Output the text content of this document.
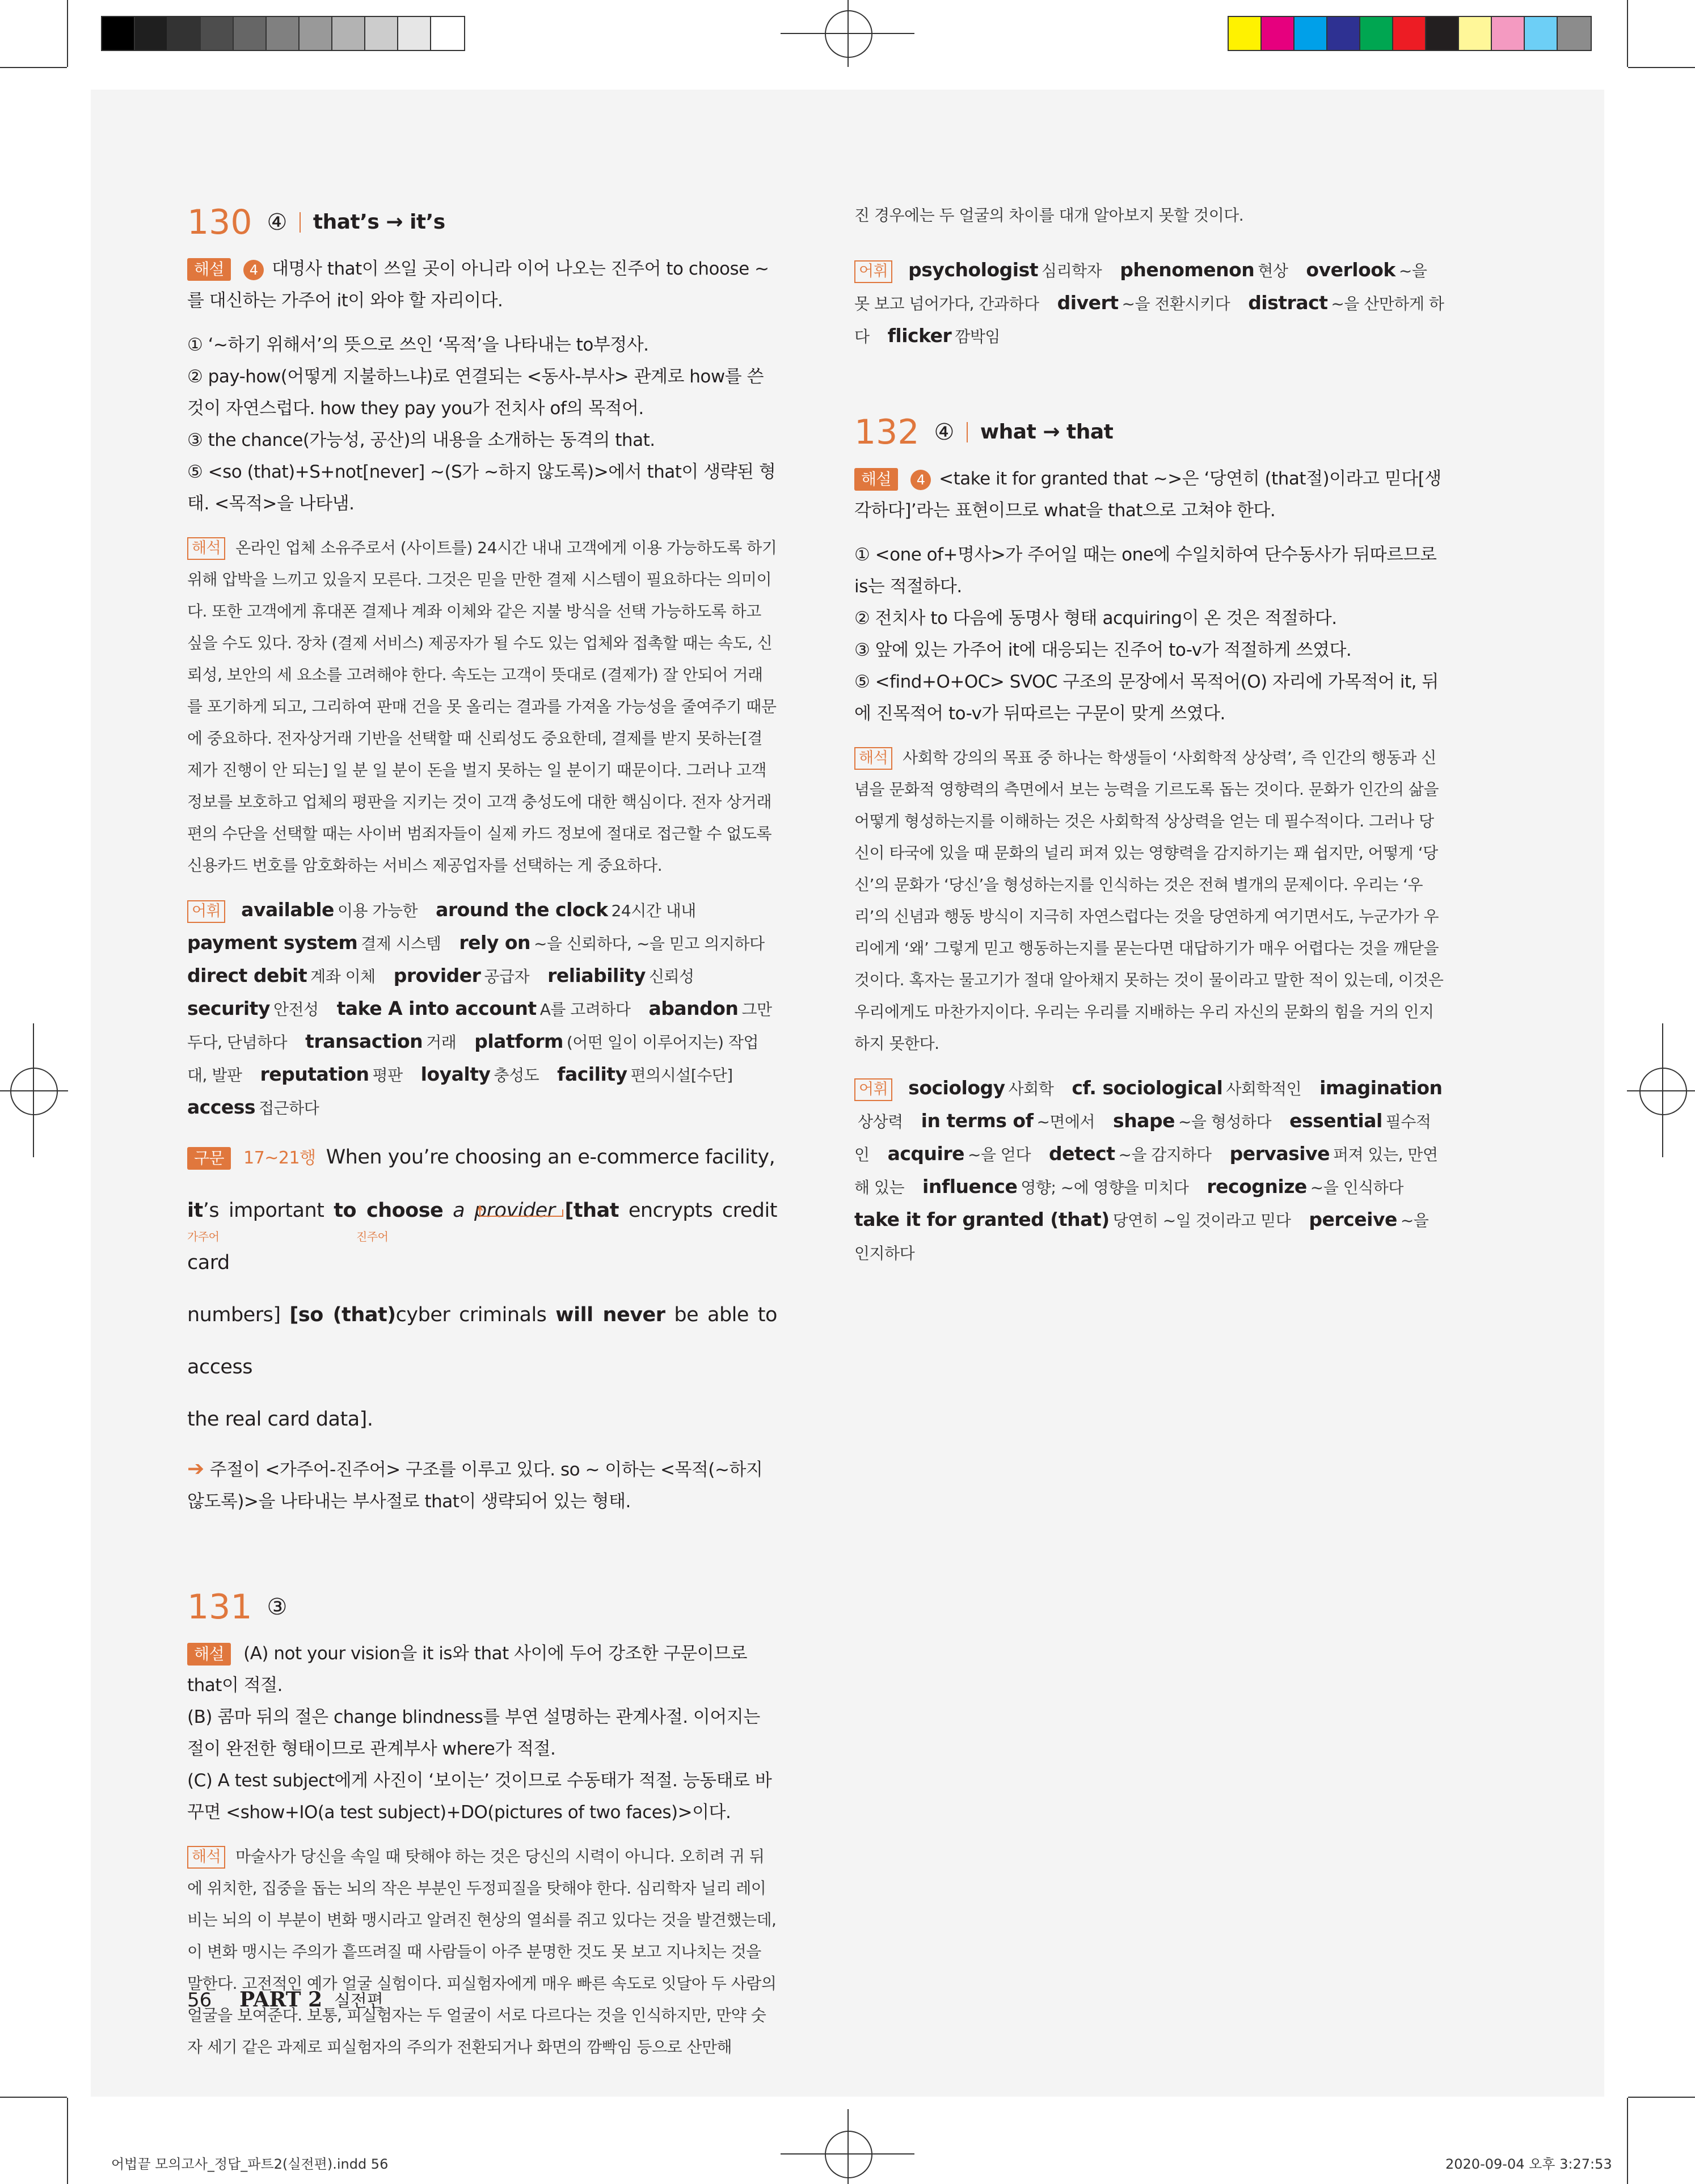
130 ④ that’s → it’s

해설 4 대명사 that이 쓰일 곳이 아니라 이어 나오는 진주어 to choose ~를 대신하는 가주어 it이 와야 할 자리이다.

① ‘~하기 위해서’의 뜻으로 쓰인 ‘목적’을 나타내는 to부정사.

② pay-how(어떻게 지불하느냐)로 연결되는 <동사-부사> 관계로 how를 쓴 것이 자연스럽다. how they pay you가 전치사 of의 목적어.

③ the chance(가능성, 공산)의 내용을 소개하는 동격의 that.

⑤ <so (that)+S+not[never] ~(S가 ~하지 않도록)>에서 that이 생략된 형태. <목적>을 나타냄.

해석 온라인 업체 소유주로서 (사이트를) 24시간 내내 고객에게 이용 가능하도록 하기 위해 압박을 느끼고 있을지 모른다. 그것은 믿을 만한 결제 시스템이 필요하다는 의미이다. 또한 고객에게 휴대폰 결제나 계좌 이체와 같은 지불 방식을 선택 가능하도록 하고 싶을 수도 있다. 장차 (결제 서비스) 제공자가 될 수도 있는 업체와 접촉할 때는 속도, 신뢰성, 보안의 세 요소를 고려해야 한다. 속도는 고객이 뜻대로 (결제가) 잘 안되어 거래를 포기하게 되고, 그리하여 판매 건을 못 올리는 결과를 가져올 가능성을 줄여주기 때문에 중요하다. 전자상거래 기반을 선택할 때 신뢰성도 중요한데, 결제를 받지 못하는[결제가 진행이 안 되는] 일 분 일 분이 돈을 벌지 못하는 일 분이기 때문이다. 그러나 고객 정보를 보호하고 업체의 평판을 지키는 것이 고객 충성도에 대한 핵심이다. 전자 상거래 편의 수단을 선택할 때는 사이버 범죄자들이 실제 카드 정보에 절대로 접근할 수 없도록 신용카드 번호를 암호화하는 서비스 제공업자를 선택하는 게 중요하다.

어휘 available 이용 가능한 around the clock 24시간 내내 payment system 결제 시스템 rely on ~을 신뢰하다, ~을 믿고 의지하다 direct debit 계좌 이체 provider 공급자 reliability 신뢰성 security 안전성 take A into account A를 고려하다 abandon 그만두다, 단념하다 transaction 거래 platform (어떤 일이 이루어지는) 작업대, 발판 reputation 평판 loyalty 충성도 facility 편의시설[수단] access 접근하다

구문 17~21행 When you’re choosing an e-commerce facility,
it’s important to choose a provider [that encrypts credit card
가주어	진주어

numbers] [so (that)cyber criminals will never be able to access
the real card data].

➔ 주절이 <가주어-진주어> 구조를 이루고 있다. so ~ 이하는 <목적(~하지 않도록)>을 나타내는 부사절로 that이 생략되어 있는 형태.

131 ③

해설 (A) not your vision을 it is와 that 사이에 두어 강조한 구문이므로 that이 적절.

(B) 콤마 뒤의 절은 change blindness를 부연 설명하는 관계사절. 이어지는 절이 완전한 형태이므로 관계부사 where가 적절.

(C) A test subject에게 사진이 ‘보이는’ 것이므로 수동태가 적절. 능동태로 바꾸면 <show+IO(a test subject)+DO(pictures of two faces)>이다.

해석 마술사가 당신을 속일 때 탓해야 하는 것은 당신의 시력이 아니다. 오히려 귀 뒤에 위치한, 집중을 돕는 뇌의 작은 부분인 두정피질을 탓해야 한다. 심리학자 닐리 레이비는 뇌의 이 부분이 변화 맹시라고 알려진 현상의 열쇠를 쥐고 있다는 것을 발견했는데, 이 변화 맹시는 주의가 흩뜨려질 때 사람들이 아주 분명한 것도 못 보고 지나치는 것을 말한다. 고전적인 예가 얼굴 실험이다. 피실험자에게 매우 빠른 속도로 잇달아 두 사람의 얼굴을 보여준다. 보통, 피실험자는 두 얼굴이 서로 다르다는 것을 인식하지만, 만약 숫자 세기 같은 과제로 피실험자의 주의가 전환되거나 화면의 깜빡임 등으로 산만해

진 경우에는 두 얼굴의 차이를 대개 알아보지 못할 것이다.

어휘 psychologist 심리학자 phenomenon 현상 overlook ~을 못 보고 넘어가다, 간과하다 divert ~을 전환시키다 distract ~을 산만하게 하다 flicker 깜박임

132 ④ what → that

해설 4 <take it for granted that ~>은 ‘당연히 (that절)이라고 믿다[생각하다]’라는 표현이므로 what을 that으로 고쳐야 한다.

① <one of+명사>가 주어일 때는 one에 수일치하여 단수동사가 뒤따르므로 is는 적절하다.

② 전치사 to 다음에 동명사 형태 acquiring이 온 것은 적절하다.

③ 앞에 있는 가주어 it에 대응되는 진주어 to-v가 적절하게 쓰였다.

⑤ <find+O+OC> SVOC 구조의 문장에서 목적어(O) 자리에 가목적어 it, 뒤에 진목적어 to-v가 뒤따르는 구문이 맞게 쓰였다.

해석 사회학 강의의 목표 중 하나는 학생들이 ‘사회학적 상상력’, 즉 인간의 행동과 신념을 문화적 영향력의 측면에서 보는 능력을 기르도록 돕는 것이다. 문화가 인간의 삶을 어떻게 형성하는지를 이해하는 것은 사회학적 상상력을 얻는 데 필수적이다. 그러나 당신이 타국에 있을 때 문화의 널리 퍼져 있는 영향력을 감지하기는 꽤 쉽지만, 어떻게 ‘당신’의 문화가 ‘당신’을 형성하는지를 인식하는 것은 전혀 별개의 문제이다. 우리는 ‘우리’의 신념과 행동 방식이 지극히 자연스럽다는 것을 당연하게 여기면서도, 누군가가 우리에게 ‘왜’ 그렇게 믿고 행동하는지를 묻는다면 대답하기가 매우 어렵다는 것을 깨닫을 것이다. 혹자는 물고기가 절대 알아채지 못하는 것이 물이라고 말한 적이 있는데, 이것은 우리에게도 마찬가지이다. 우리는 우리를 지배하는 우리 자신의 문화의 힘을 거의 인지하지 못한다.

어휘 sociology 사회학 cf. sociological 사회학적인 imagination상상력 in terms of ~면에서 shape ~을 형성하다 essential 필수적인 acquire ~을 얻다 detect ~을 감지하다 pervasive 퍼져 있는, 만연해 있는 influence 영향; ~에 영향을 미치다 recognize ~을 인식하다 take it for granted (that) 당연히 ~일 것이라고 믿다 perceive ~을 인지하다

56 PART 2 실전편
어법끝 모의고사_정답_파트2(실전편).indd 56	2020-09-04 오후 3:27:53
